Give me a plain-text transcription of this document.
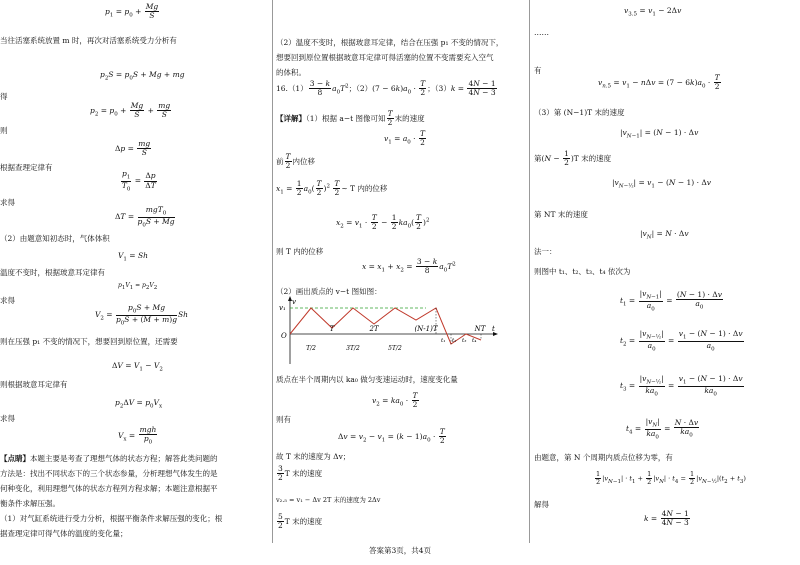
$p_1 = p_0 + \frac{Mg}{S}$
当往活塞系统放置 m 时，再次对活塞系统受力分析有
$p_2S = p_0S + Mg$ + mg
得
$p_2 = p_0 + \frac{Mg}{S} + \frac{mg}{S}$
则
$\Delta p = \frac{mg}{S}$
根据查理定律有
$\frac{p_1}{T_0} = \frac{\Delta p}{\Delta T}$
求得
$\Delta T = \frac{mgT_0}{p_0S + Mg}$
（2）由题意知初态时，气体体积
$V_1 = Sh$
温度不变时，根据玻意耳定律有
$p_1V_1 = p_2V_2$
求得
$V_2 = \frac{p_0S + Mg}{p_0S + (M + m)g}$ Sh
则在压强 p₁ 不变的情况下，想要回到原位置，还需要
$\Delta V = V_1 - V_2$
则根据玻意耳定律有
$p_2\Delta V = p_0V_x$
求得
$V_x = \frac{\text{mgh}}{p_0}$
【点睛】本题主要是考查了理想气体的状态方程；解答此类问题的
方法是：找出不同状态下的三个状态参量，分析理想气体发生的是
何种变化，利用理想气体的状态方程列方程求解；本题注意根据平
衡条件求解压强。
（1）对气缸系统进行受力分析，根据平衡条件求解压强的变化；根
据查理定律可得气体的温度的变化量；
（2）温度不变时，根据玻意耳定律，结合在压强 p₁ 不变的情况下，
想要回到原位置根据玻意耳定律可得活塞的位置不变需要充入空气
的体积。
$16.(1) \frac{3 - k}{8} a_0T^2$；$(2)(7 - 6k)a_0 \cdot \frac{T}{2}$ ；$(3)k = \frac{4N - 1}{4N - 3}$
【详解】（1）根据 a−t 图像可知 $\frac{T}{2}$ 末的速度
$v_1 = a_0 \cdot \frac{T}{2}$
前 $\frac{T}{2}$ 内位移
$x_1 = \frac{1}{2} a_0( \frac{T}{2} )^2 \frac{T}{2}$ ~ T 内的位移
$x_2 = v_1 \cdot \frac{T}{2} - \frac{1}{2} ka_0( \frac{T}{2} )^2$
则 T 内的位移
$x = x_1 + x_2 = \frac{3 - k}{8} a_0T^2$
（2）画出质点的 v−t 图如图：
v₁
v
O
t
T/2	3T/2	5T/2
T	2T	(N-1)T	NT
t₁ t₂ t₃ t₄
质点在半个周期内以 ka₀ 做匀变速运动时，速度变化量
$v_2 = ka_0 \cdot \frac{T}{2}$
则有
$\Delta v = v_2 - v_1 = (k - 1)a_0 \cdot \frac{T}{2}$
故 T 末的速度为 Δv；
$\frac{3}{2}$ T 末的速度
v₂.₅ = v₁ − Δv 2T 末的速度为 2Δv
$\frac{5}{2}$ T 末的速度
$v_{3.5} = v_1 - 2\Delta v$
……
有
$v_{n.5} = v_1 - n\Delta v = (7 - 6k)a_0 \cdot \frac{T}{2}$
（3）第 (N−1)T 末的速度
$|v_{N-1}| = (N - 1) \cdot \Delta v$
第$(N - \frac{1}{2} )T$ 末的速度
$|v_{N-\frac{1}{2}}| = v_1 - (N - 1) \cdot \Delta v$
第 NT 末的速度
$|v_N| = N \cdot \Delta v$
法一：
则图中 t₁、t₂、t₃、t₄ 依次为
$t_1 = \frac{|v_{N-1}|}{a_0} = \frac{(N - 1) \cdot \Delta v}{a_0}$
$t_2 = \frac{|v_{N-\frac{1}{2}}|}{a_0} = \frac{v_1 - (N - 1) \cdot \Delta v}{a_0}$
$t_3 = \frac{|v_{N-\frac{1}{2}}|}{ka_0} = \frac{v_1 - (N - 1) \cdot \Delta v}{ka_0}$
$t_4 = \frac{|v_N|}{ka_0} = \frac{N \cdot \Delta v}{ka_0}$
由题意，第 N 个周期内质点位移为零，有
$\frac{1}{2} |v_{N-1}| \cdot t_1 + \frac{1}{2} |v_N| \cdot t_4 = \frac{1}{2} |v_{N-\frac{1}{2}}|(t_2 + t_3)$
解得
$k = \frac{4N - 1}{4N - 3}$
答案第3页，共4页
